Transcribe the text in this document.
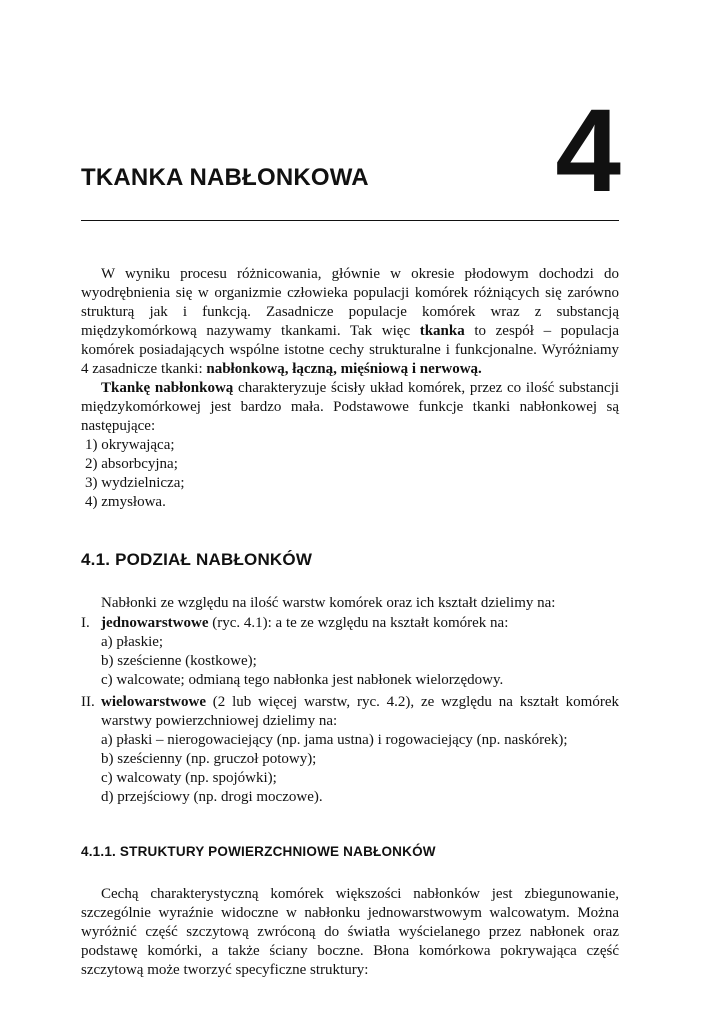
4
TKANKA NABŁONKOWA

W wyniku procesu różnicowania, głównie w okresie płodowym dochodzi do wyodrębnienia się w organizmie człowieka populacji komórek różniących się zarówno strukturą jak i funkcją. Zasadnicze populacje komórek wraz z substancją międzykomórkową nazywamy tkankami. Tak więc tkanka to zespół – populacja komórek posiadających wspólne istotne cechy strukturalne i funkcjonalne. Wyróżniamy 4 zasadnicze tkanki: nabłonkową, łączną, mięśniową i nerwową.

Tkankę nabłonkową charakteryzuje ścisły układ komórek, przez co ilość substancji międzykomórkowej jest bardzo mała. Podstawowe funkcje tkanki nabłonkowej są następujące:

1) okrywająca;
2) absorbcyjna;
3) wydzielnicza;
4) zmysłowa.
4.1. PODZIAŁ NABŁONKÓW

Nabłonki ze względu na ilość warstw komórek oraz ich kształt dzielimy na:

I. jednowarstwowe (ryc. 4.1): a te ze względu na kształt komórek na:
a) płaskie;
b) sześcienne (kostkowe);
c) walcowate; odmianą tego nabłonka jest nabłonek wielorzędowy.
II. wielowarstwowe (2 lub więcej warstw, ryc. 4.2), ze względu na kształt komórek warstwy powierzchniowej dzielimy na:
a) płaski – nierogowaciejący (np. jama ustna) i rogowaciejący (np. naskórek);
b) sześcienny (np. gruczoł potowy);
c) walcowaty (np. spojówki);
d) przejściowy (np. drogi moczowe).
4.1.1. STRUKTURY POWIERZCHNIOWE NABŁONKÓW

Cechą charakterystyczną komórek większości nabłonków jest zbiegunowanie, szczególnie wyraźnie widoczne w nabłonku jednowarstwowym walcowatym. Można wyróżnić część szczytową zwróconą do światła wyścielanego przez nabłonek oraz podstawę komórki, a także ściany boczne. Błona komórkowa pokrywająca część szczytową może tworzyć specyficzne struktury:
